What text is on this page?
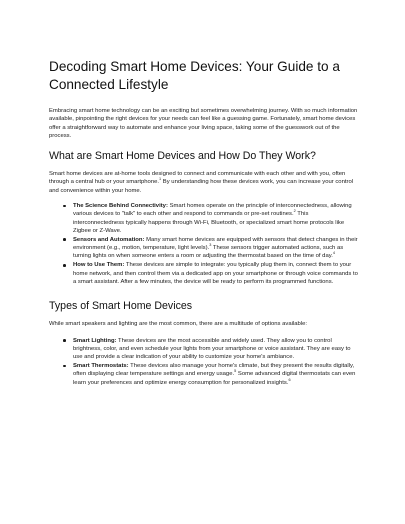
Decoding Smart Home Devices: Your Guide to a Connected Lifestyle

Embracing smart home technology can be an exciting but sometimes overwhelming journey. With so much information available, pinpointing the right devices for your needs can feel like a guessing game. Fortunately, smart home devices offer a straightforward way to automate and enhance your living space, taking some of the guesswork out of the process.

What are Smart Home Devices and How Do They Work?

Smart home devices are at-home tools designed to connect and communicate with each other and with you, often through a central hub or your smartphone.$^1$ By understanding how these devices work, you can increase your control and convenience within your home.

The Science Behind Connectivity: Smart homes operate on the principle of interconnectedness, allowing various devices to "talk" to each other and respond to commands or pre-set routines.$^2$ This interconnectedness typically happens through Wi-Fi, Bluetooth, or specialized smart home protocols like Zigbee or Z-Wave.
Sensors and Automation: Many smart home devices are equipped with sensors that detect changes in their environment (e.g., motion, temperature, light levels).$^3$ These sensors trigger automated actions, such as turning lights on when someone enters a room or adjusting the thermostat based on the time of day.$^4$
How to Use Them: These devices are simple to integrate: you typically plug them in, connect them to your home network, and then control them via a dedicated app on your smartphone or through voice commands to a smart assistant. After a few minutes, the device will be ready to perform its programmed functions.
Types of Smart Home Devices

While smart speakers and lighting are the most common, there are a multitude of options available:

Smart Lighting: These devices are the most accessible and widely used. They allow you to control brightness, color, and even schedule your lights from your smartphone or voice assistant. They are easy to use and provide a clear indication of your ability to customize your home's ambiance.
Smart Thermostats: These devices also manage your home's climate, but they present the results digitally, often displaying clear temperature settings and energy usage.$^5$ Some advanced digital thermostats can even learn your preferences and optimize energy consumption for personalized insights.$^6$
